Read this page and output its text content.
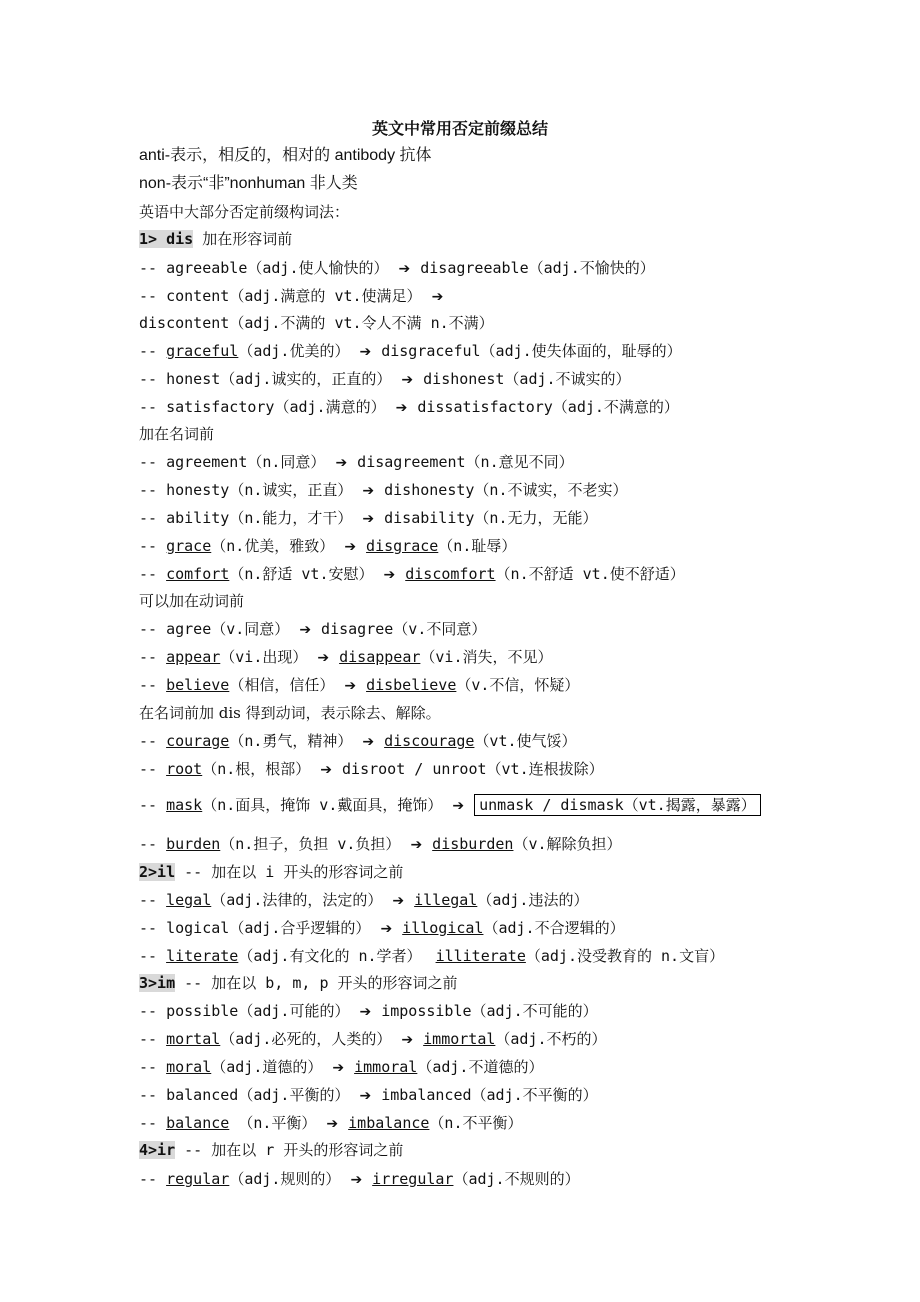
英文中常用否定前缀总结
anti-表示，相反的，相对的 antibody 抗体
non-表示“非”nonhuman 非人类
英语中大部分否定前缀构词法：
1> dis 加在形容词前
-- agreeable（adj.使人愉快的） ➔ disagreeable（adj.不愉快的）
-- content（adj.满意的 vt.使满足） ➔
discontent（adj.不满的 vt.令人不满 n.不满）
-- graceful（adj.优美的） ➔ disgraceful（adj.使失体面的，耻辱的）
-- honest（adj.诚实的，正直的） ➔ dishonest（adj.不诚实的）
-- satisfactory（adj.满意的） ➔ dissatisfactory（adj.不满意的）
加在名词前
-- agreement（n.同意） ➔ disagreement（n.意见不同）
-- honesty（n.诚实，正直） ➔ dishonesty（n.不诚实，不老实）
-- ability（n.能力，才干） ➔ disability（n.无力，无能）
-- grace（n.优美，雅致） ➔ disgrace（n.耻辱）
-- comfort（n.舒适 vt.安慰） ➔ discomfort（n.不舒适 vt.使不舒适）
可以加在动词前
-- agree（v.同意） ➔ disagree（v.不同意）
-- appear（vi.出现） ➔ disappear（vi.消失，不见）
-- believe（相信，信任） ➔ disbelieve（v.不信，怀疑）
在名词前加 dis 得到动词，表示除去、解除。
-- courage（n.勇气，精神） ➔ discourage（vt.使气馁）
-- root（n.根，根部） ➔ disroot / unroot（vt.连根拔除）
-- mask（n.面具，掩饰 v.戴面具，掩饰） ➔ unmask / dismask（vt.揭露，暴露）
-- burden（n.担子，负担 v.负担） ➔ disburden（v.解除负担）
2>il -- 加在以 i 开头的形容词之前
-- legal（adj.法律的，法定的） ➔ illegal（adj.违法的）
-- logical（adj.合乎逻辑的） ➔ illogical（adj.不合逻辑的）
-- literate（adj.有文化的 n.学者） illiterate（adj.没受教育的 n.文盲）
3>im -- 加在以 b, m, p 开头的形容词之前
-- possible（adj.可能的） ➔ impossible（adj.不可能的）
-- mortal（adj.必死的，人类的） ➔ immortal（adj.不朽的）
-- moral（adj.道德的） ➔ immoral（adj.不道德的）
-- balanced（adj.平衡的） ➔ imbalanced（adj.不平衡的）
-- balance （n.平衡） ➔ imbalance（n.不平衡）
4>ir -- 加在以 r 开头的形容词之前
-- regular（adj.规则的） ➔ irregular（adj.不规则的）
